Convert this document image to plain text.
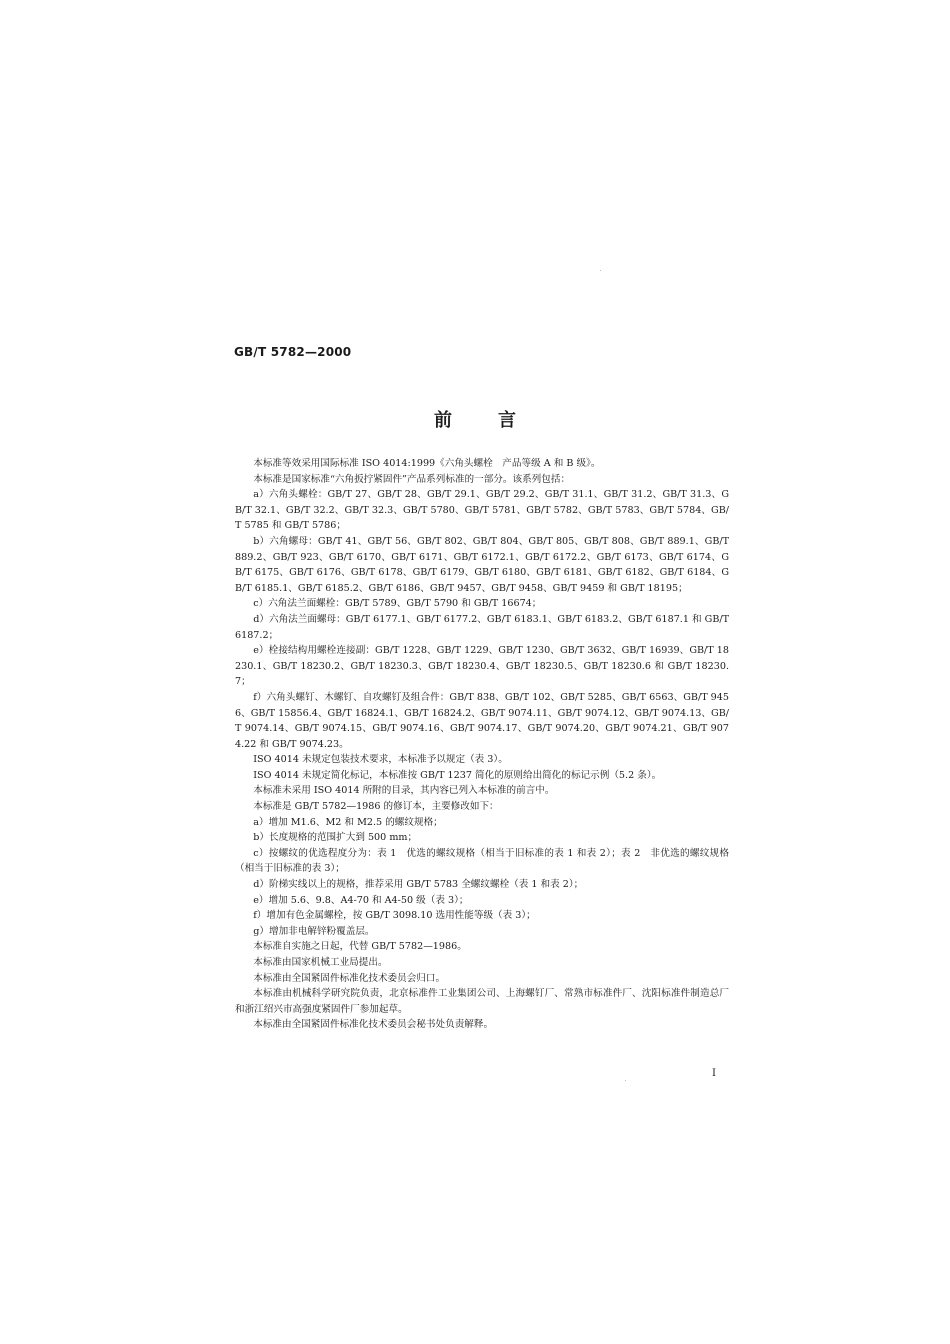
GB/T 5782—2000
前言

本标准等效采用国际标准 ISO 4014:1999《六角头螺栓　产品等级 A 和 B 级》。

本标准是国家标准“六角扳拧紧固件”产品系列标准的一部分。该系列包括：

a）六角头螺栓：GB/T 27、GB/T 28、GB/T 29.1、GB/T 29.2、GB/T 31.1、GB/T 31.2、GB/T 31.3、GB/T 32.1、GB/T 32.2、GB/T 32.3、GB/T 5780、GB/T 5781、GB/T 5782、GB/T 5783、GB/T 5784、GB/T 5785 和 GB/T 5786；

b）六角螺母：GB/T 41、GB/T 56、GB/T 802、GB/T 804、GB/T 805、GB/T 808、GB/T 889.1、GB/T 889.2、GB/T 923、GB/T 6170、GB/T 6171、GB/T 6172.1、GB/T 6172.2、GB/T 6173、GB/T 6174、GB/T 6175、GB/T 6176、GB/T 6178、GB/T 6179、GB/T 6180、GB/T 6181、GB/T 6182、GB/T 6184、GB/T 6185.1、GB/T 6185.2、GB/T 6186、GB/T 9457、GB/T 9458、GB/T 9459 和 GB/T 18195；

c）六角法兰面螺栓：GB/T 5789、GB/T 5790 和 GB/T 16674；

d）六角法兰面螺母：GB/T 6177.1、GB/T 6177.2、GB/T 6183.1、GB/T 6183.2、GB/T 6187.1 和 GB/T 6187.2；

e）栓接结构用螺栓连接副：GB/T 1228、GB/T 1229、GB/T 1230、GB/T 3632、GB/T 16939、GB/T 18230.1、GB/T 18230.2、GB/T 18230.3、GB/T 18230.4、GB/T 18230.5、GB/T 18230.6 和 GB/T 18230.7；

f）六角头螺钉、木螺钉、自攻螺钉及组合件：GB/T 838、GB/T 102、GB/T 5285、GB/T 6563、GB/T 9456、GB/T 15856.4、GB/T 16824.1、GB/T 16824.2、GB/T 9074.11、GB/T 9074.12、GB/T 9074.13、GB/T 9074.14、GB/T 9074.15、GB/T 9074.16、GB/T 9074.17、GB/T 9074.20、GB/T 9074.21、GB/T 9074.22 和 GB/T 9074.23。

ISO 4014 未规定包装技术要求，本标准予以规定（表 3）。

ISO 4014 未规定简化标记，本标准按 GB/T 1237 简化的原则给出简化的标记示例（5.2 条）。

本标准未采用 ISO 4014 所附的目录，其内容已列入本标准的前言中。

本标准是 GB/T 5782—1986 的修订本，主要修改如下：

a）增加 M1.6、M2 和 M2.5 的螺纹规格；

b）长度规格的范围扩大到 500 mm；

c）按螺纹的优选程度分为：表 1　优选的螺纹规格（相当于旧标准的表 1 和表 2）；表 2　非优选的螺纹规格（相当于旧标准的表 3）；

d）阶梯实线以上的规格，推荐采用 GB/T 5783 全螺纹螺栓（表 1 和表 2）；

e）增加 5.6、9.8、A4-70 和 A4-50 级（表 3）；

f）增加有色金属螺栓，按 GB/T 3098.10 选用性能等级（表 3）；

g）增加非电解锌粉覆盖层。

本标准自实施之日起，代替 GB/T 5782—1986。

本标准由国家机械工业局提出。

本标准由全国紧固件标准化技术委员会归口。

本标准由机械科学研究院负责，北京标准件工业集团公司、上海螺钉厂、常熟市标准件厂、沈阳标准件制造总厂和浙江绍兴市高强度紧固件厂参加起草。

本标准由全国紧固件标准化技术委员会秘书处负责解释。

I
